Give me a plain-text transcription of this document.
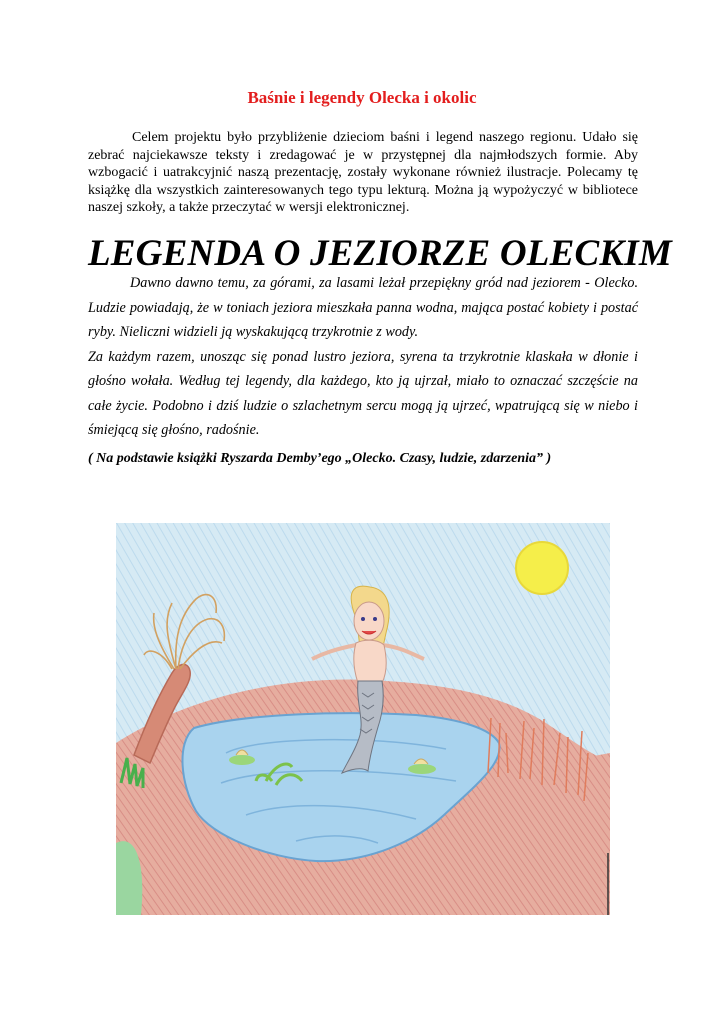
Baśnie i legendy Olecka i okolic
Celem projektu było przybliżenie dzieciom baśni i legend naszego regionu. Udało się zebrać najciekawsze teksty i zredagować je w przystępnej dla najmłodszych formie. Aby wzbogacić i uatrakcyjnić naszą prezentację, zostały wykonane również ilustracje. Polecamy tę książkę dla wszystkich zainteresowanych tego typu lekturą. Można ją wypożyczyć w bibliotece naszej szkoły, a także przeczytać w wersji elektronicznej.
LEGENDA O JEZIORZE OLECKIM

Dawno dawno temu, za górami, za lasami leżał przepiękny gród nad jeziorem - Olecko. Ludzie powiadają, że w toniach jeziora mieszkała panna wodna, mająca postać kobiety i postać ryby. Nieliczni widzieli ją wyskakującą trzykrotnie z wody.

Za każdym razem, unosząc się ponad lustro jeziora, syrena ta trzykrotnie klaskała w dłonie i głośno wołała. Według tej legendy, dla każdego, kto ją ujrzał, miało to oznaczać szczęście na całe życie. Podobno i dziś ludzie o szlachetnym sercu mogą ją ujrzeć, wpatrującą się w niebo i śmiejącą się głośno, radośnie.

( Na podstawie książki Ryszarda Demby’ego „Olecko. Czasy, ludzie, zdarzenia” )
